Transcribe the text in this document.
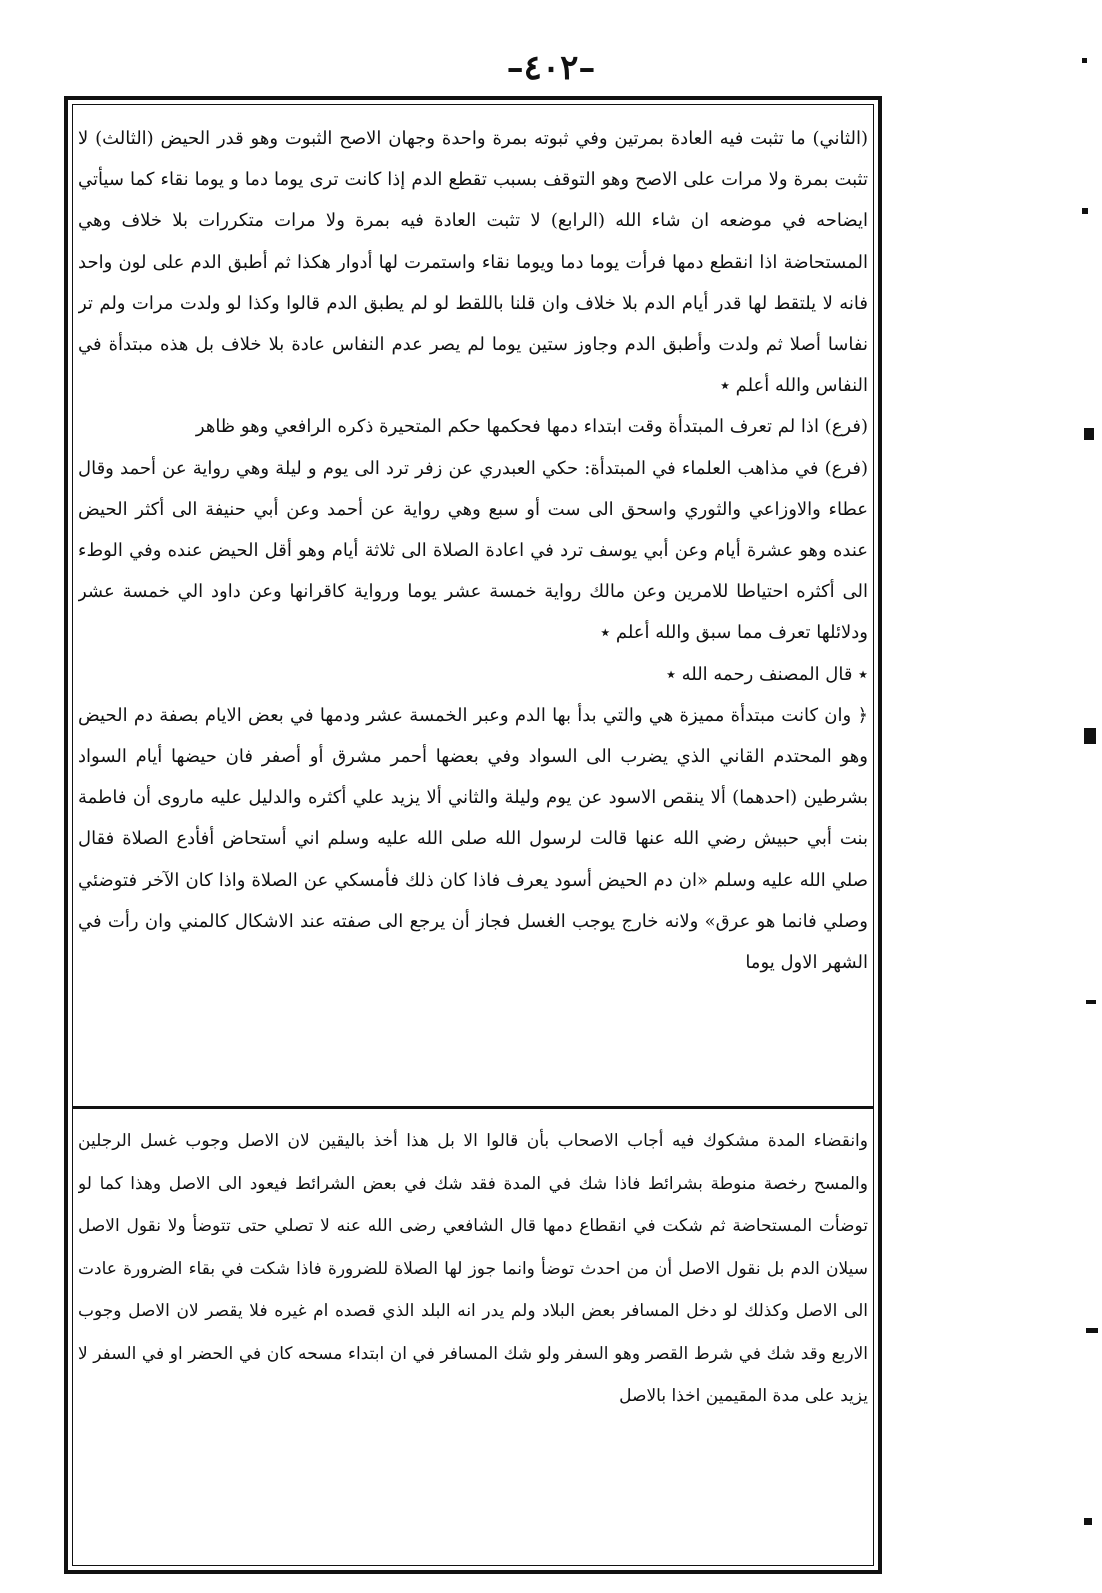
–٤٠٢–

(الثاني) ما تثبت فيه العادة بمرتين وفي ثبوته بمرة واحدة وجهان الاصح الثبوت وهو قدر الحيض (الثالث) لا تثبت بمرة ولا مرات على الاصح وهو التوقف بسبب تقطع الدم إذا كانت ترى يوما دما و يوما نقاء كما سيأتي ايضاحه في موضعه ان شاء الله (الرابع) لا تثبت العادة فيه بمرة ولا مرات متكررات بلا خلاف وهي المستحاضة اذا انقطع دمها فرأت يوما دما ويوما نقاء واستمرت لها أدوار هكذا ثم أطبق الدم على لون واحد فانه لا يلتقط لها قدر أيام الدم بلا خلاف وان قلنا باللقط لو لم يطبق الدم قالوا وكذا لو ولدت مرات ولم تر نفاسا أصلا ثم ولدت وأطبق الدم وجاوز ستين يوما لم يصر عدم النفاس عادة بلا خلاف بل هذه مبتدأة في النفاس والله أعلم ٭

(فرع) اذا لم تعرف المبتدأة وقت ابتداء دمها فحكمها حكم المتحيرة ذكره الرافعي وهو ظاهر

(فرع) في مذاهب العلماء في المبتدأة: حكي العبدري عن زفر ترد الى يوم و ليلة وهي رواية عن أحمد وقال عطاء والاوزاعي والثوري واسحق الى ست أو سبع وهي رواية عن أحمد وعن أبي حنيفة الى أكثر الحيض عنده وهو عشرة أيام وعن أبي يوسف ترد في اعادة الصلاة الى ثلاثة أيام وهو أقل الحيض عنده وفي الوطء الى أكثره احتياطا للامرين وعن مالك رواية خمسة عشر يوما ورواية كاقرانها وعن داود الي خمسة عشر ودلائلها تعرف مما سبق والله أعلم ٭

٭ قال المصنف رحمه الله ٭

﴿ وان كانت مبتدأة مميزة هي والتي بدأ بها الدم وعبر الخمسة عشر ودمها في بعض الايام بصفة دم الحيض وهو المحتدم القاني الذي يضرب الى السواد وفي بعضها أحمر مشرق أو أصفر فان حيضها أيام السواد بشرطين (احدهما) ألا ينقص الاسود عن يوم وليلة والثاني ألا يزيد علي أكثره والدليل عليه ماروى أن فاطمة بنت أبي حبيش رضي الله عنها قالت لرسول الله صلى الله عليه وسلم اني أستحاض أفأدع الصلاة فقال صلي الله عليه وسلم «ان دم الحيض أسود يعرف فاذا كان ذلك فأمسكي عن الصلاة واذا كان الآخر فتوضئي وصلي فانما هو عرق» ولانه خارج يوجب الغسل فجاز أن يرجع الى صفته عند الاشكال كالمني وان رأت في الشهر الاول يوما

وانقضاء المدة مشكوك فيه أجاب الاصحاب بأن قالوا الا بل هذا أخذ باليقين لان الاصل وجوب غسل الرجلين والمسح رخصة منوطة بشرائط فاذا شك في المدة فقد شك في بعض الشرائط فيعود الى الاصل وهذا كما لو توضأت المستحاضة ثم شكت في انقطاع دمها قال الشافعي رضى الله عنه لا تصلي حتى تتوضأ ولا نقول الاصل سيلان الدم بل نقول الاصل أن من احدث توضأ وانما جوز لها الصلاة للضرورة فاذا شكت في بقاء الضرورة عادت الى الاصل وكذلك لو دخل المسافر بعض البلاد ولم يدر انه البلد الذي قصده ام غيره فلا يقصر لان الاصل وجوب الاربع وقد شك في شرط القصر وهو السفر ولو شك المسافر في ان ابتداء مسحه كان في الحضر او في السفر لا يزيد على مدة المقيمين اخذا بالاصل
